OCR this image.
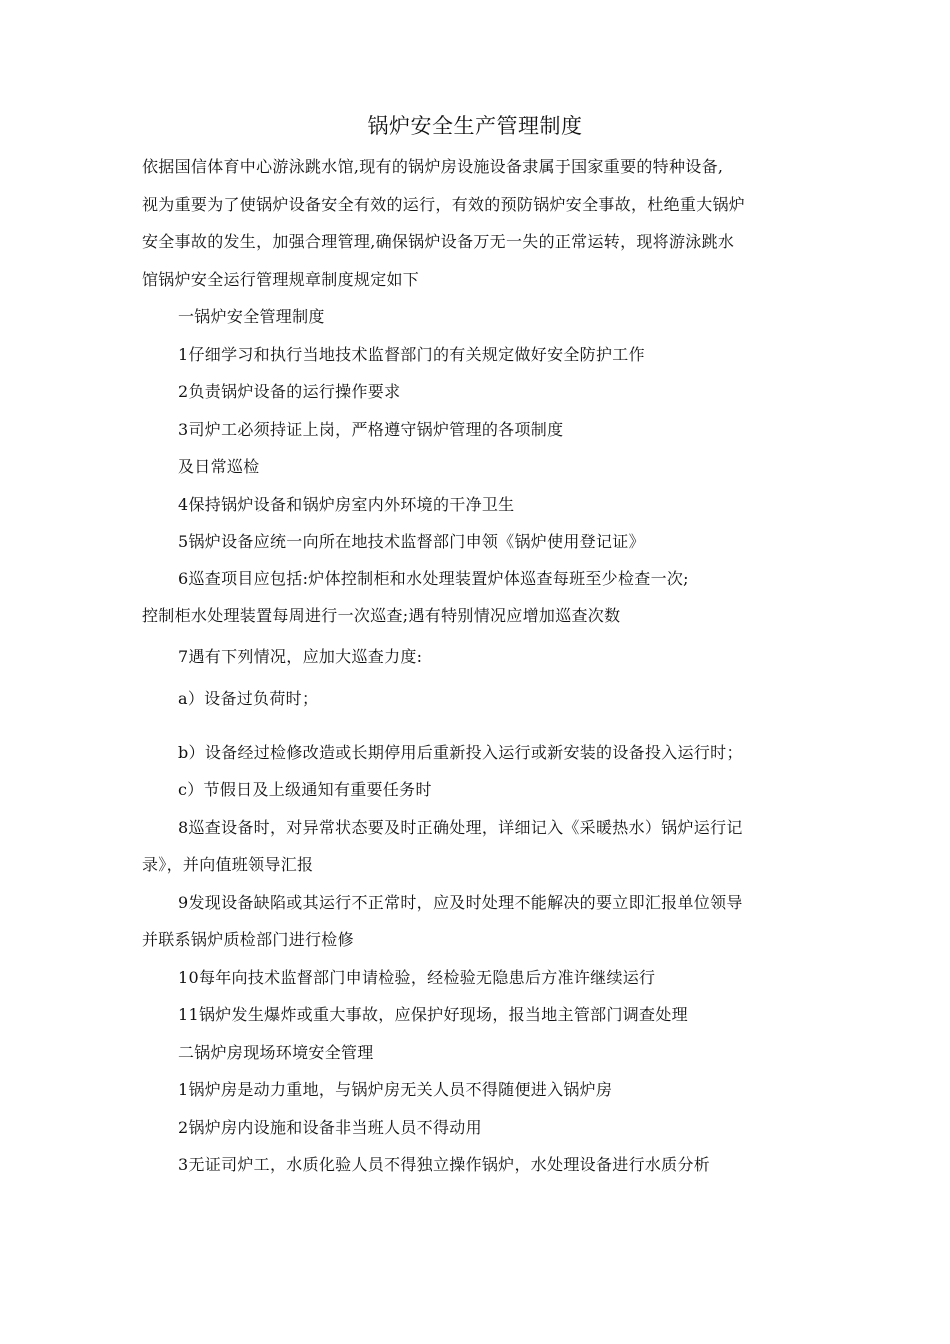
锅炉安全生产管理制度
依据国信体育中心游泳跳水馆,现有的锅炉房设施设备隶属于国家重要的特种设备,
视为重要为了使锅炉设备安全有效的运行，有效的预防锅炉安全事故，杜绝重大锅炉
安全事故的发生，加强合理管理,确保锅炉设备万无一失的正常运转，现将游泳跳水
馆锅炉安全运行管理规章制度规定如下
一锅炉安全管理制度
1仔细学习和执行当地技术监督部门的有关规定做好安全防护工作
2负责锅炉设备的运行操作要求
3司炉工必须持证上岗，严格遵守锅炉管理的各项制度
及日常巡检
4保持锅炉设备和锅炉房室内外环境的干净卫生
5锅炉设备应统一向所在地技术监督部门申领《锅炉使用登记证》
6巡查项目应包括:炉体控制柜和水处理装置炉体巡查每班至少检查一次;
控制柜水处理装置每周进行一次巡查;遇有特别情况应增加巡查次数
7遇有下列情况，应加大巡查力度:
a）设备过负荷时；
b）设备经过检修改造或长期停用后重新投入运行或新安装的设备投入运行时；
c）节假日及上级通知有重要任务时
8巡查设备时，对异常状态要及时正确处理，详细记入《采暖热水）锅炉运行记
录》，并向值班领导汇报
9发现设备缺陷或其运行不正常时，应及时处理不能解决的要立即汇报单位领导
并联系锅炉质检部门进行检修
10每年向技术监督部门申请检验，经检验无隐患后方准许继续运行
11锅炉发生爆炸或重大事故，应保护好现场，报当地主管部门调查处理
二锅炉房现场环境安全管理
1锅炉房是动力重地，与锅炉房无关人员不得随便进入锅炉房
2锅炉房内设施和设备非当班人员不得动用
3无证司炉工，水质化验人员不得独立操作锅炉，水处理设备进行水质分析
